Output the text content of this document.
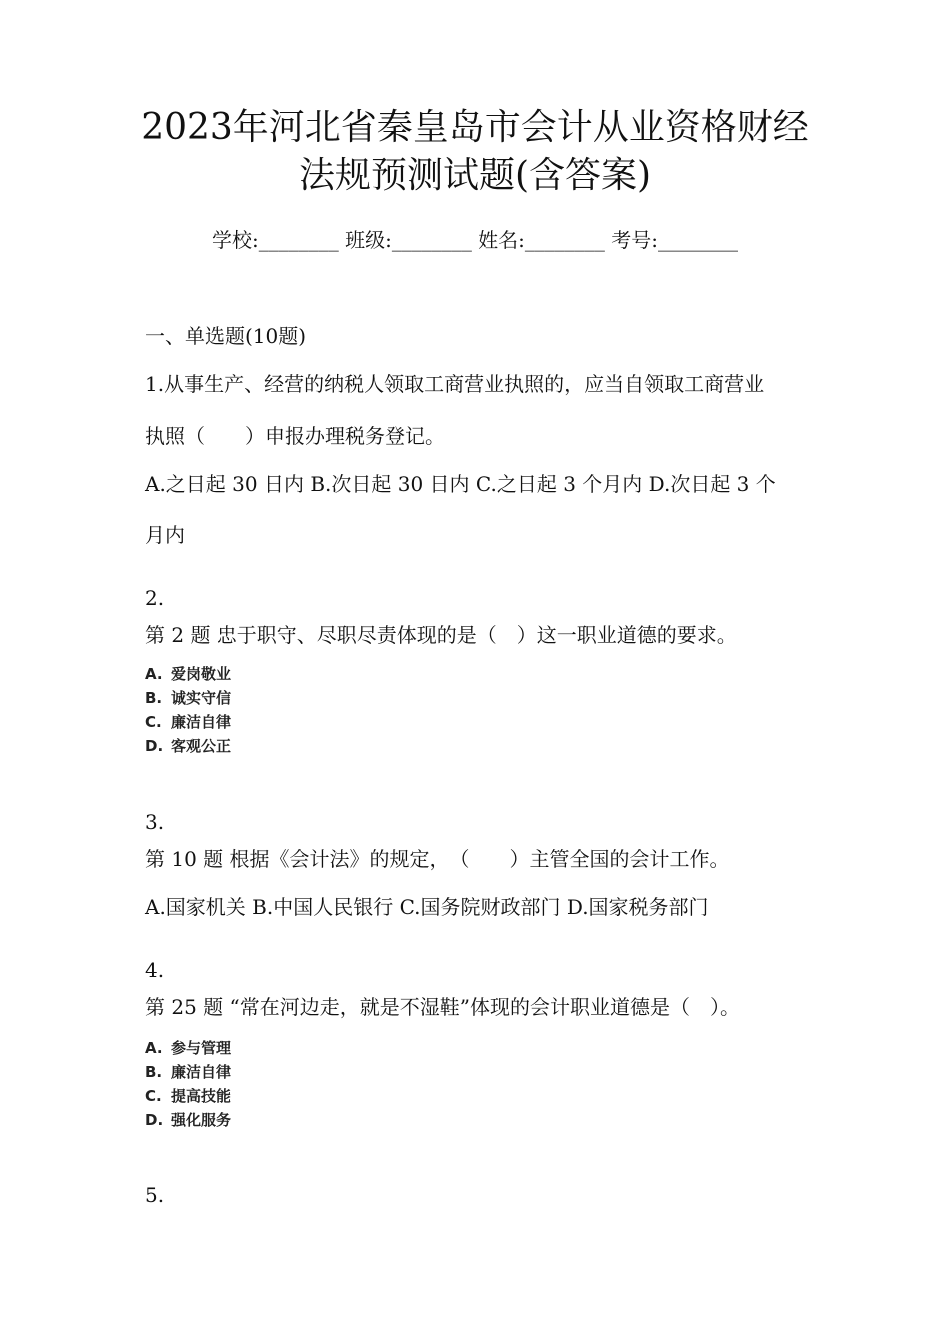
2023年河北省秦皇岛市会计从业资格财经
法规预测试题(含答案)
学校:________ 班级:________ 姓名:________ 考号:________
一、单选题(10题)
1.从事生产、经营的纳税人领取工商营业执照的，应当自领取工商营业
执照（　　）申报办理税务登记。
A.之日起 30 日内 B.次日起 30 日内 C.之日起 3 个月内 D.次日起 3 个
月内
2.
第 2 题 忠于职守、尽职尽责体现的是（　）这一职业道德的要求。
A. 爱岗敬业
B. 诚实守信
C. 廉洁自律
D. 客观公正
3.
第 10 题 根据《会计法》的规定，　（　　）主管全国的会计工作。
A.国家机关 B.中国人民银行 C.国务院财政部门 D.国家税务部门
4.
第 25 题 “常在河边走，就是不湿鞋”体现的会计职业道德是（　）。
A. 参与管理
B. 廉洁自律
C. 提高技能
D. 强化服务
5.
